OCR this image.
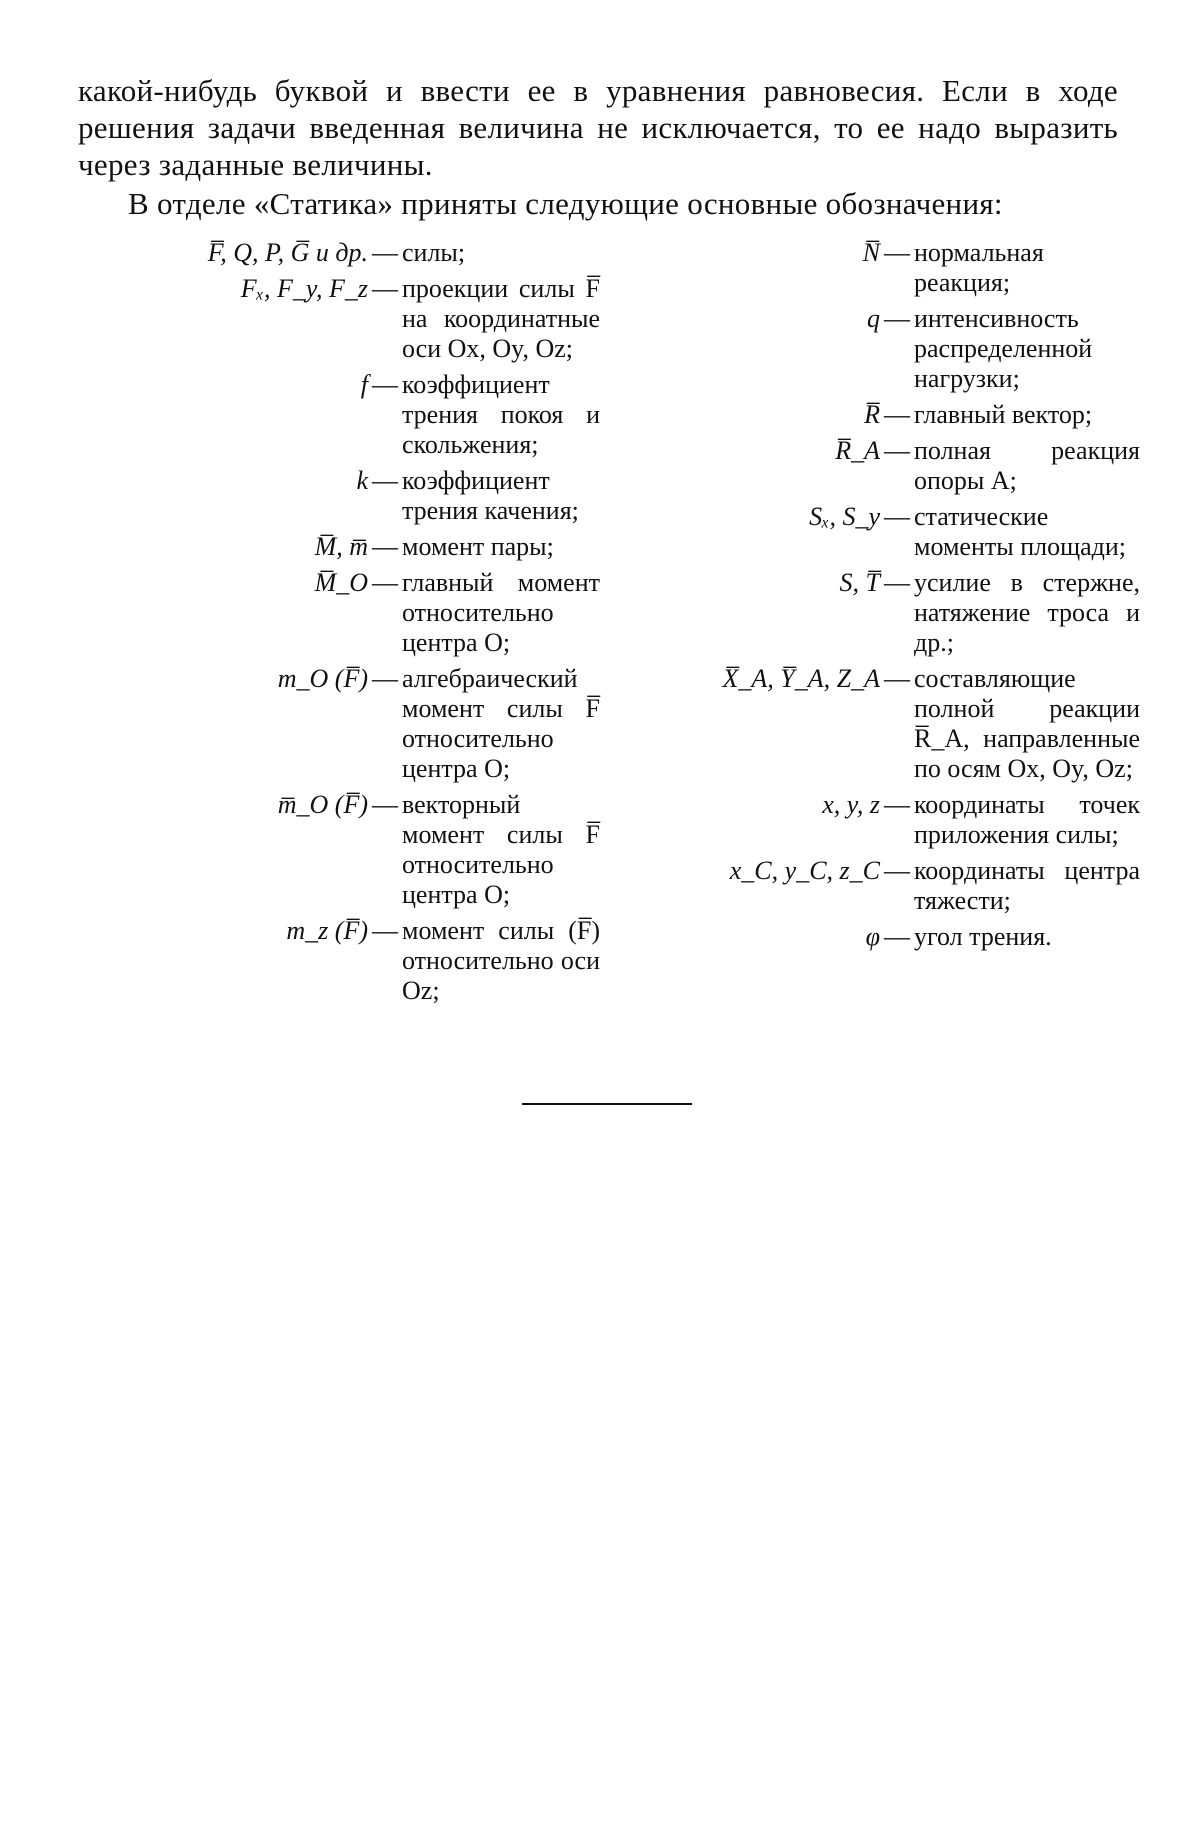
какой-нибудь буквой и ввести ее в уравнения равновесия. Если в ходе решения задачи введенная величина не исключается, то ее надо выразить через заданные величины.

В отделе «Статика» приняты следующие основные обозначения:

F̅, Q, P, G̅ и др. — силы;
Fₓ, F_y, F_z — проекции силы F̅ на координатные оси Ox, Oy, Oz;
f — коэффициент трения покоя и скольжения;
k — коэффициент трения качения;
M̅, m̅ — момент пары;
M̅_O — главный момент относительно центра O;
m_O (F̅) — алгебраический момент силы F̅ относительно центра O;
m̅_O (F̅) — векторный момент силы F̅ относительно центра O;
m_z (F̅) — момент силы (F̅) относительно оси Oz;
N̅ — нормальная реакция;
q — интенсивность распределенной нагрузки;
R̅ — главный вектор;
R̅_A — полная реакция опоры A;
Sₓ, S_y — статические моменты площади;
S, T̅ — усилие в стержне, натяжение троса и др.;
X̅_A, Y̅_A, Z_A — составляющие полной реакции R̅_A, направленные по осям Ox, Oy, Oz;
x, y, z — координаты точек приложения силы;
x_C, y_C, z_C — координаты центра тяжести;
φ — угол трения.
